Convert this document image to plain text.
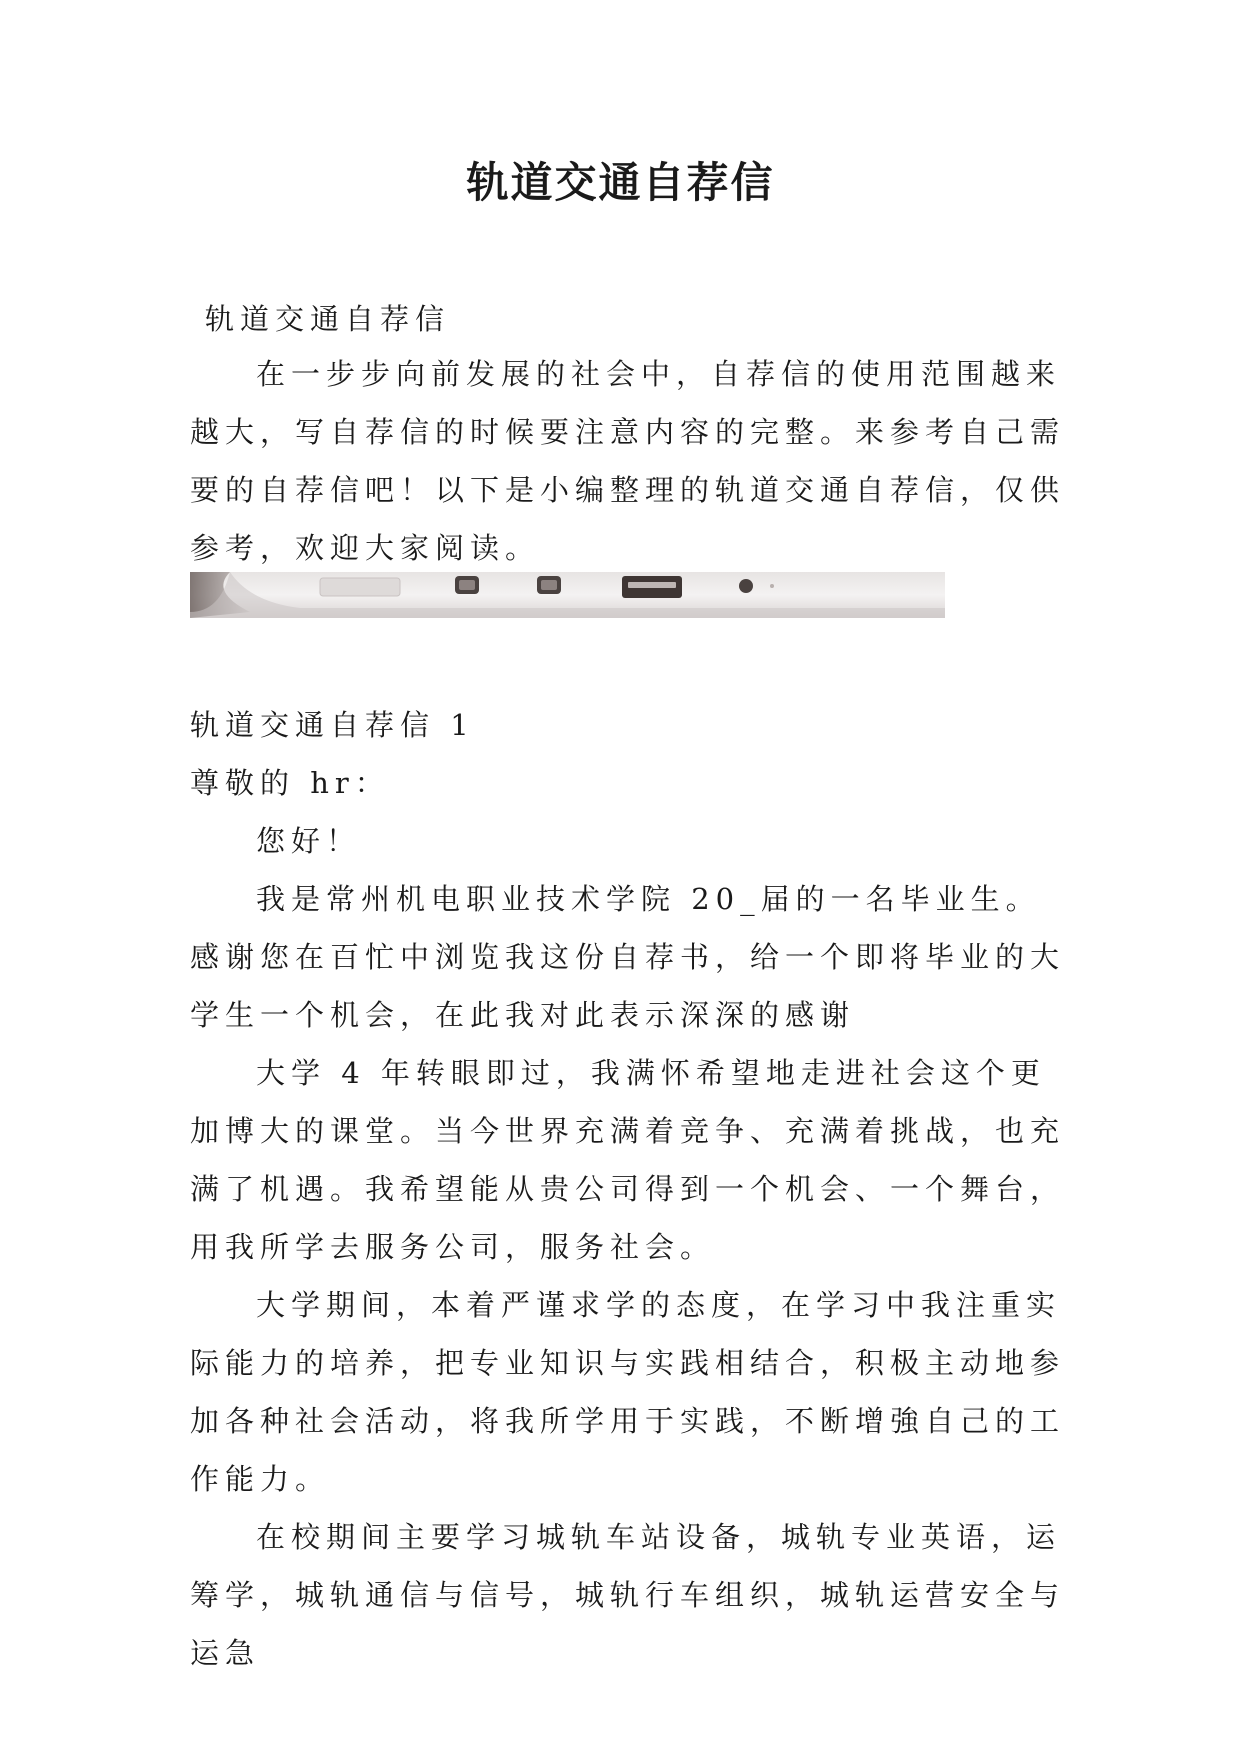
轨道交通自荐信
轨道交通自荐信
在一步步向前发展的社会中，自荐信的使用范围越来越大，写自荐信的时候要注意内容的完整。来参考自己需要的自荐信吧！以下是小编整理的轨道交通自荐信，仅供参考，欢迎大家阅读。

轨道交通自荐信 1

尊敬的 hr：

您好！

我是常州机电职业技术学院 20_届的一名毕业生。感谢您在百忙中浏览我这份自荐书，给一个即将毕业的大学生一个机会，在此我对此表示深深的感谢

大学 4 年转眼即过，我满怀希望地走进社会这个更加博大的课堂。当今世界充满着竞争、充满着挑战，也充满了机遇。我希望能从贵公司得到一个机会、一个舞台，用我所学去服务公司，服务社会。

大学期间，本着严谨求学的态度，在学习中我注重实际能力的培养，把专业知识与实践相结合，积极主动地参加各种社会活动，将我所学用于实践，不断增強自己的工作能力。

在校期间主要学习城轨车站设备，城轨专业英语，运筹学，城轨通信与信号，城轨行车组织，城轨运营安全与运急
